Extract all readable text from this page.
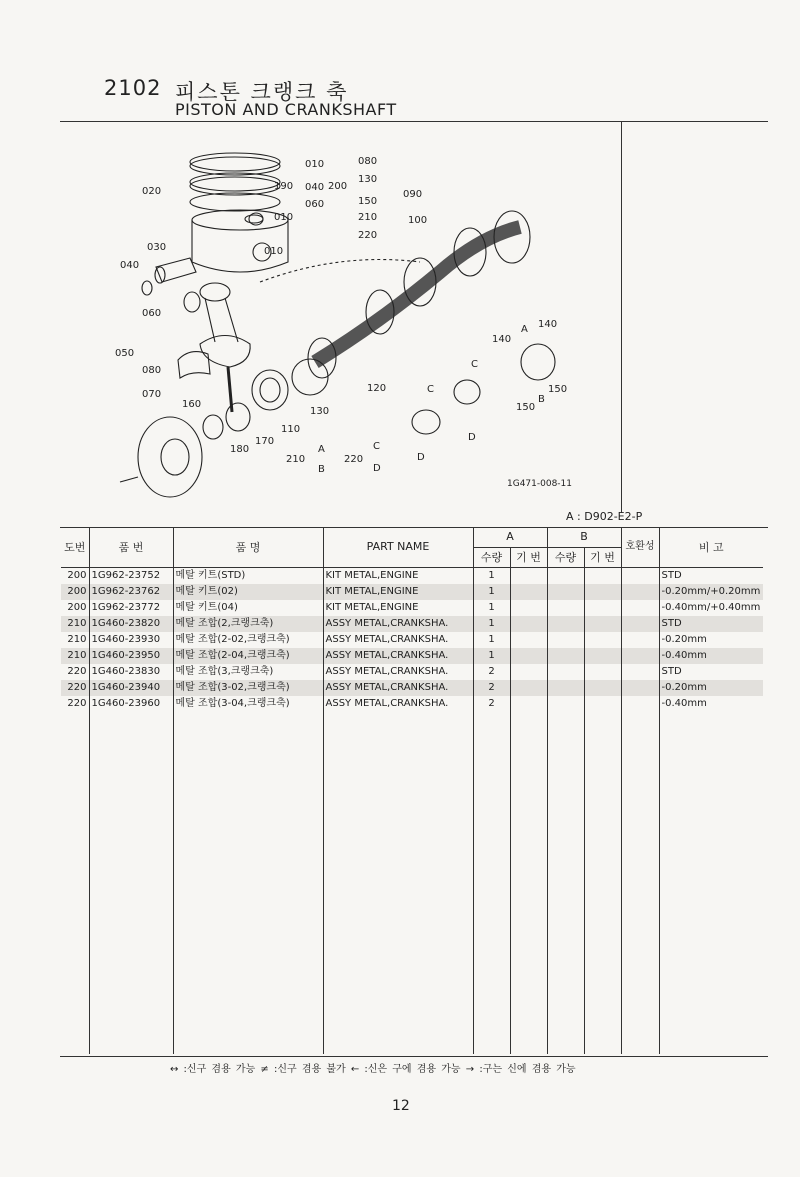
2102 피스톤 크랭크 축
PISTON AND CRANKSHAFT
020
030
040
010
010
190
010
040
060
200
080
130
150
210
220
090
100
060
050
080
070
160
180
170
110
130
120
140
140
150
150
A
B
C
C
D
D
210
A
B
220
C
D
1G471-008-11
A : D902-E2-P
도번	품 번	품 명	PART NAME	A		B		호환성	비 고
				수량	기 번	수량	기 번		
200	1G962-23752	메탈 키트(STD)	KIT METAL,ENGINE	1					STD
200	1G962-23762	메탈 키트(02)	KIT METAL,ENGINE	1					-0.20mm/+0.20mm
200	1G962-23772	메탈 키트(04)	KIT METAL,ENGINE	1					-0.40mm/+0.40mm
210	1G460-23820	메탈 조합(2,크랭크축)	ASSY METAL,CRANKSHA.	1					STD
210	1G460-23930	메탈 조합(2-02,크랭크축)	ASSY METAL,CRANKSHA.	1					-0.20mm
210	1G460-23950	메탈 조합(2-04,크랭크축)	ASSY METAL,CRANKSHA.	1					-0.40mm
220	1G460-23830	메탈 조합(3,크랭크축)	ASSY METAL,CRANKSHA.	2					STD
220	1G460-23940	메탈 조합(3-02,크랭크축)	ASSY METAL,CRANKSHA.	2					-0.20mm
220	1G460-23960	메탈 조합(3-04,크랭크축)	ASSY METAL,CRANKSHA.	2					-0.40mm

↔ :신구 겸용 가능 ≠ :신구 겸용 불가 ← :신은 구에 겸용 가능 → :구는 신에 겸용 가능
12
